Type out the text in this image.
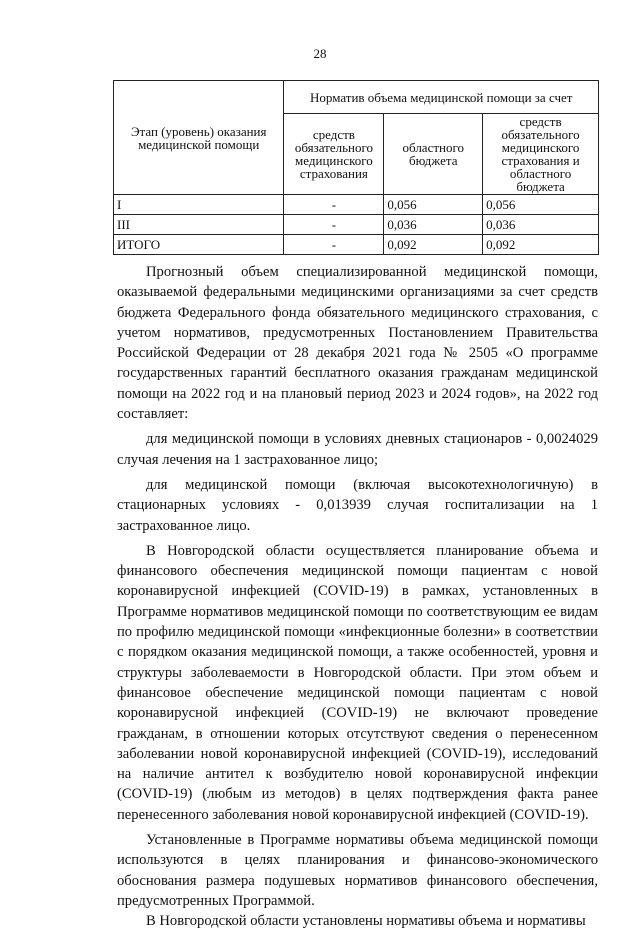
28
Этап (уровень) оказания медицинской помощи	Норматив объема медицинской помощи за счет		
	средств обязательного медицинского страхования	областного бюджета	средств обязательного медицинского страхования и областного бюджета
I	-	0,056	0,056
III	-	0,036	0,036
ИТОГО	-	0,092	0,092

Прогнозный объем специализированной медицинской помощи, оказываемой федеральными медицинскими организациями за счет средств бюджета Федерального фонда обязательного медицинского страхования, с учетом нормативов, предусмотренных Постановлением Правительства Российской Федерации от 28 декабря 2021 года № 2505 «О программе государственных гарантий бесплатного оказания гражданам медицинской помощи на 2022 год и на плановый период 2023 и 2024 годов», на 2022 год составляет:

для медицинской помощи в условиях дневных стационаров - 0,0024029 случая лечения на 1 застрахованное лицо;

для медицинской помощи (включая высокотехнологичную) в стационарных условиях - 0,013939 случая госпитализации на 1 застрахованное лицо.

В Новгородской области осуществляется планирование объема и финансового обеспечения медицинской помощи пациентам с новой коронавирусной инфекцией (COVID-19) в рамках, установленных в Программе нормативов медицинской помощи по соответствующим ее видам по профилю медицинской помощи «инфекционные болезни» в соответствии с порядком оказания медицинской помощи, а также особенностей, уровня и структуры заболеваемости в Новгородской области. При этом объем и финансовое обеспечение медицинской помощи пациентам с новой коронавирусной инфекцией (COVID-19) не включают проведение гражданам, в отношении которых отсутствуют сведения о перенесенном заболевании новой коронавирусной инфекцией (COVID-19), исследований на наличие антител к возбудителю новой коронавирусной инфекции (COVID-19) (любым из методов) в целях подтверждения факта ранее перенесенного заболевания новой коронавирусной инфекцией (COVID-19).

Установленные в Программе нормативы объема медицинской помощи используются в целях планирования и финансово-экономического обоснования размера подушевых нормативов финансового обеспечения, предусмотренных Программой.

В Новгородской области установлены нормативы объема и нормативы
